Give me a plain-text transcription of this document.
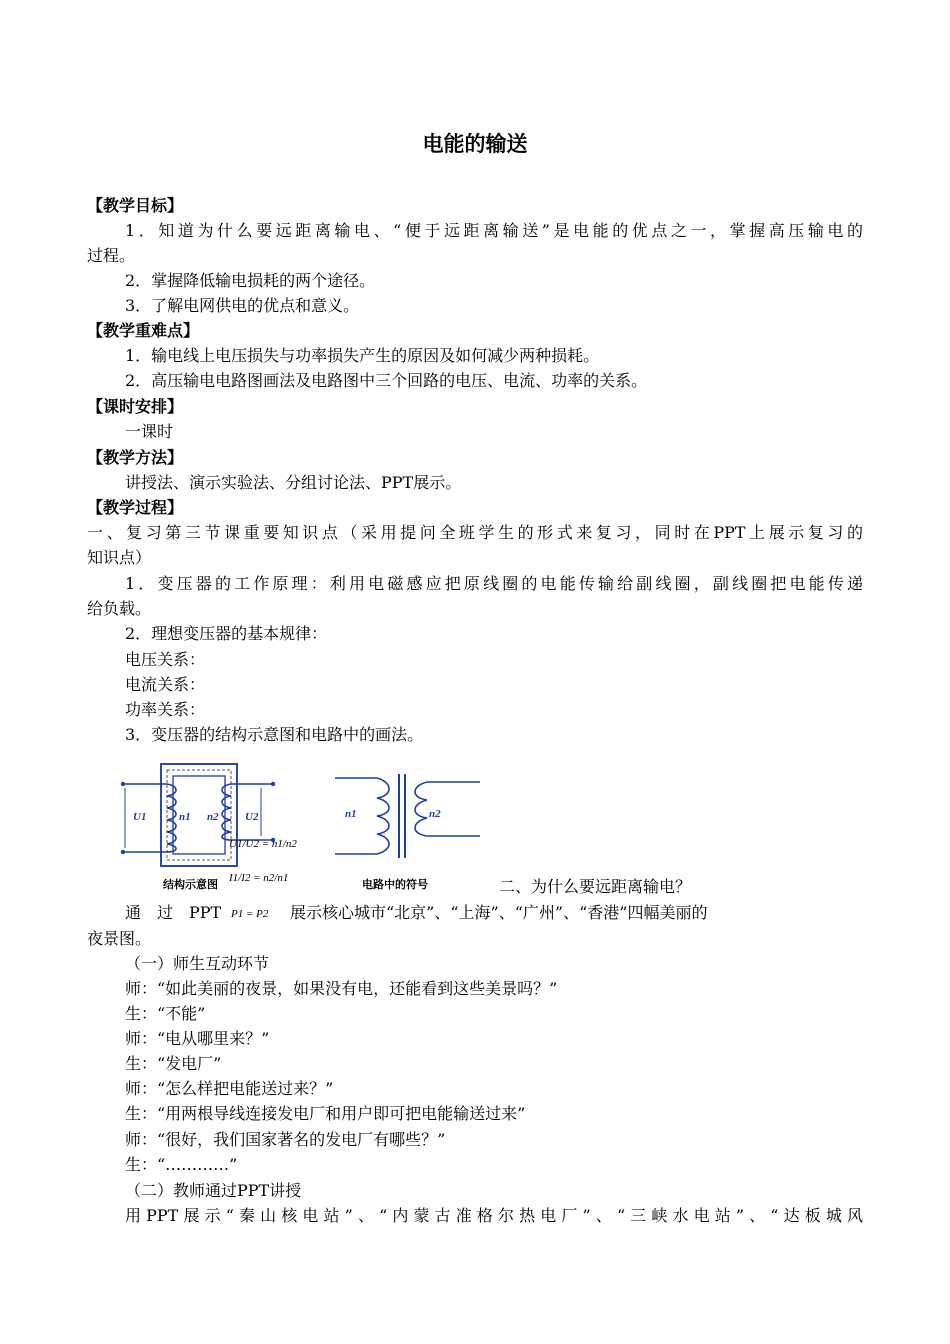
电能的输送
【教学目标】
1．知道为什么要远距离输电、“便于远距离输送”是电能的优点之一，掌握高压输电的
过程。
2．掌握降低输电损耗的两个途径。
3．了解电网供电的优点和意义。
【教学重难点】
1．输电线上电压损失与功率损失产生的原因及如何减少两种损耗。
2．高压输电电路图画法及电路图中三个回路的电压、电流、功率的关系。
【课时安排】
一课时
【教学方法】
讲授法、演示实验法、分组讨论法、PPT展示。
【教学过程】
一、复习第三节课重要知识点（采用提问全班学生的形式来复习，同时在PPT上展示复习的
知识点）
1．变压器的工作原理：利用电磁感应把原线圈的电能传输给副线圈，副线圈把电能传递
给负载。
2．理想变压器的基本规律：
电压关系：
电流关系：
功率关系：
3．变压器的结构示意图和电路中的画法。
U1	n1 n2 U2	n1	n2
U1/U2 = n1/n2
I1/I2 = n2/n1
结构示意图	电路中的符号
P1 = P2
二、为什么要远距离输电？
通　过　PPT	展示核心城市“北京”、“上海”、“广州”、“香港”四幅美丽的
夜景图。
（一）师生互动环节
师：“如此美丽的夜景，如果没有电，还能看到这些美景吗？”
生：“不能”
师：“电从哪里来？”
生：“发电厂”
师：“怎么样把电能送过来？”
生：“用两根导线连接发电厂和用户即可把电能输送过来”
师：“很好，我们国家著名的发电厂有哪些？”
生：“…………”
（二）教师通过PPT讲授
用PPT展示“秦山核电站”、“内蒙古准格尔热电厂”、“三峡水电站”、“达板城风
